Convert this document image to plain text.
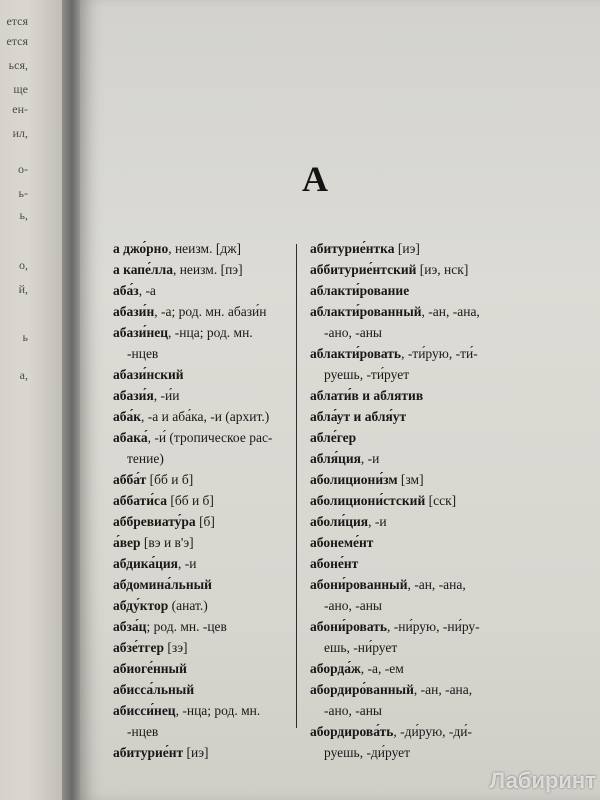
ется
ется
ься,
ще
ен-
ил,
о-
ь-
ь,
о,
й,
ь
а,
А
а джо́рно, неизм. [дж]
а капе́лла, неизм. [пэ]
аба́з, -а
абази́н, -а; род. мн. абази́н
абази́нец, -нца; род. мн.
-нцев
абази́нский
абази́я, -и́и
аба́к, -а и аба́ка, -и (архит.)
абака́, -и́ (тропическое рас-
тение)
абба́т [бб и б]
аббати́са [бб и б]
аббревиату́ра [б]
а́вер [вэ и в'э]
абдика́ция, -и
абдомина́льный
абду́ктор (анат.)
абза́ц; род. мн. -цев
абзе́тгер [зэ]
абиоге́нный
абисса́льный
абисси́нец, -нца; род. мн.
-нцев
абитурие́нт [иэ]
абитурие́нтка [иэ]
аббитурие́нтский [иэ, нск]
аблакти́рование
аблакти́рованный, -ан, -ана,
-ано, -аны
аблакти́ровать, -ти́рую, -ти́-
руешь, -ти́рует
аблати́в и аблятив
абла́ут и абля́ут
абле́гер
абля́ция, -и
аболициони́зм [зм]
аболициони́стский [сск]
аболи́ция, -и
абонеме́нт
абоне́нт
абони́рованный, -ан, -ана,
-ано, -аны
абони́ровать, -ни́рую, -ни́ру-
ешь, -ни́рует
аборда́ж, -а, -ем
абордиро́ванный, -ан, -ана,
-ано, -аны
абордирова́ть, -ди́рую, -ди́-
руешь, -ди́рует
Лабиринт
